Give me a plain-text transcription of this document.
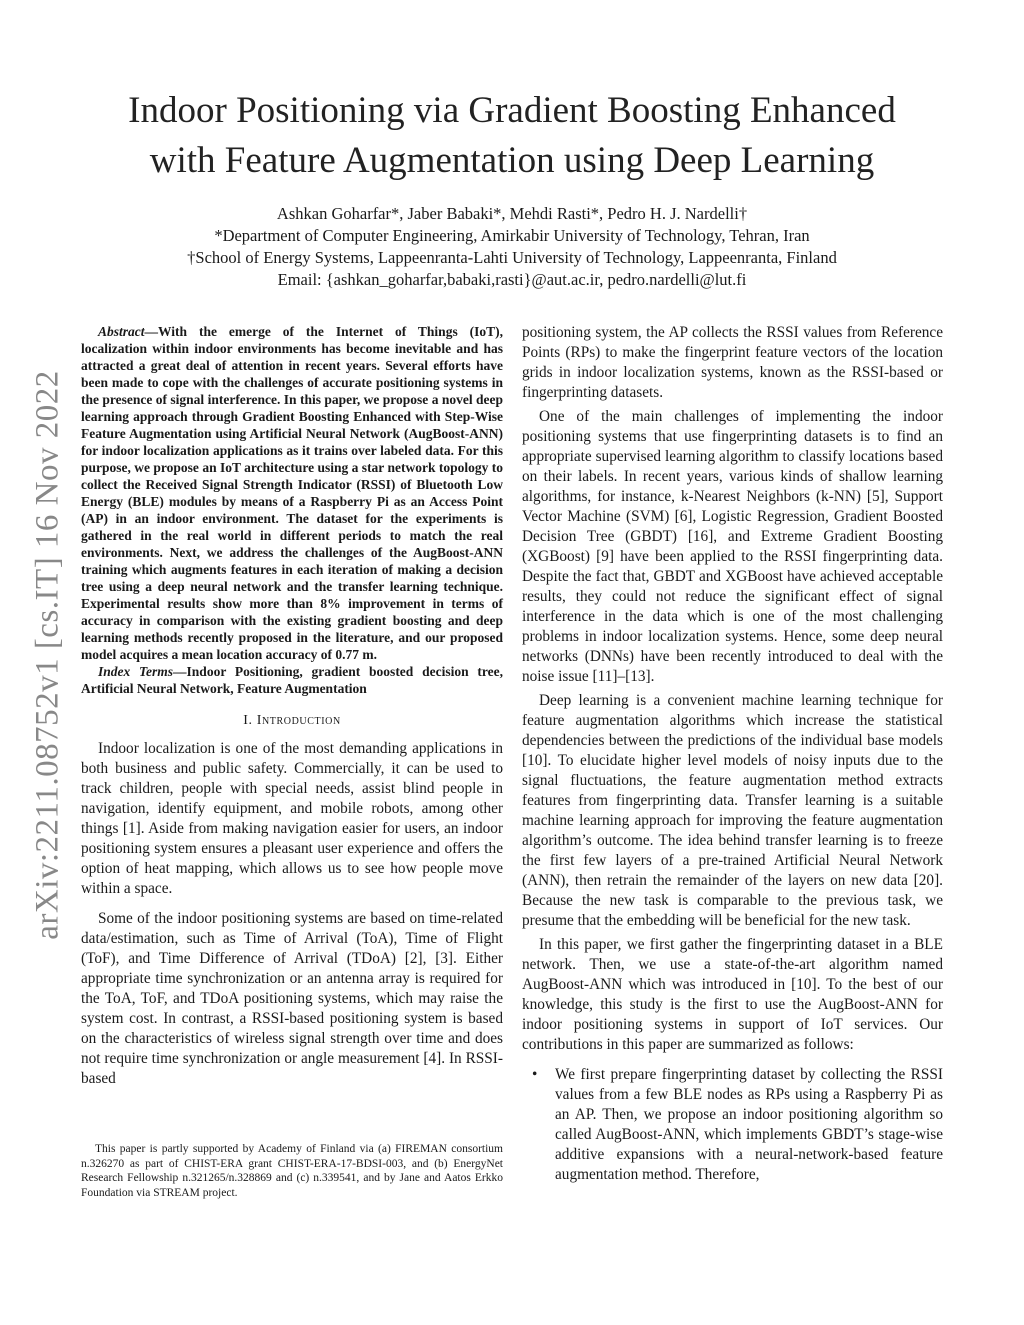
Indoor Positioning via Gradient Boosting Enhanced
with Feature Augmentation using Deep Learning
Ashkan Goharfar*, Jaber Babaki*, Mehdi Rasti*, Pedro H. J. Nardelli†
*Department of Computer Engineering, Amirkabir University of Technology, Tehran, Iran
†School of Energy Systems, Lappeenranta-Lahti University of Technology, Lappeenranta, Finland
Email: {ashkan_goharfar,babaki,rasti}@aut.ac.ir, pedro.nardelli@lut.fi
arXiv:2211.08752v1 [cs.IT] 16 Nov 2022

Abstract—With the emerge of the Internet of Things (IoT), localization within indoor environments has become inevitable and has attracted a great deal of attention in recent years. Several efforts have been made to cope with the challenges of accurate positioning systems in the presence of signal interference. In this paper, we propose a novel deep learning approach through Gradient Boosting Enhanced with Step-Wise Feature Augmentation using Artificial Neural Network (AugBoost-ANN) for indoor localization applications as it trains over labeled data. For this purpose, we propose an IoT architecture using a star network topology to collect the Received Signal Strength Indicator (RSSI) of Bluetooth Low Energy (BLE) modules by means of a Raspberry Pi as an Access Point (AP) in an indoor environment. The dataset for the experiments is gathered in the real world in different periods to match the real environments. Next, we address the challenges of the AugBoost-ANN training which augments features in each iteration of making a decision tree using a deep neural network and the transfer learning technique. Experimental results show more than 8% improvement in terms of accuracy in comparison with the existing gradient boosting and deep learning methods recently proposed in the literature, and our proposed model acquires a mean location accuracy of 0.77 m.

Index Terms—Indoor Positioning, gradient boosted decision tree, Artificial Neural Network, Feature Augmentation

I. Introduction

Indoor localization is one of the most demanding applications in both business and public safety. Commercially, it can be used to track children, people with special needs, assist blind people in navigation, identify equipment, and mobile robots, among other things [1]. Aside from making navigation easier for users, an indoor positioning system ensures a pleasant user experience and offers the option of heat mapping, which allows us to see how people move within a space.

Some of the indoor positioning systems are based on time-related data/estimation, such as Time of Arrival (ToA), Time of Flight (ToF), and Time Difference of Arrival (TDoA) [2], [3]. Either appropriate time synchronization or an antenna array is required for the ToA, ToF, and TDoA positioning systems, which may raise the system cost. In contrast, a RSSI-based positioning system is based on the characteristics of wireless signal strength over time and does not require time synchronization or angle measurement [4]. In RSSI-based

This paper is partly supported by Academy of Finland via (a) FIREMAN consortium n.326270 as part of CHIST-ERA grant CHIST-ERA-17-BDSI-003, and (b) EnergyNet Research Fellowship n.321265/n.328869 and (c) n.339541, and by Jane and Aatos Erkko Foundation via STREAM project.

positioning system, the AP collects the RSSI values from Reference Points (RPs) to make the fingerprint feature vectors of the location grids in indoor localization systems, known as the RSSI-based or fingerprinting datasets.

One of the main challenges of implementing the indoor positioning systems that use fingerprinting datasets is to find an appropriate supervised learning algorithm to classify locations based on their labels. In recent years, various kinds of shallow learning algorithms, for instance, k-Nearest Neighbors (k-NN) [5], Support Vector Machine (SVM) [6], Logistic Regression, Gradient Boosted Decision Tree (GBDT) [16], and Extreme Gradient Boosting (XGBoost) [9] have been applied to the RSSI fingerprinting data. Despite the fact that, GBDT and XGBoost have achieved acceptable results, they could not reduce the significant effect of signal interference in the data which is one of the most challenging problems in indoor localization systems. Hence, some deep neural networks (DNNs) have been recently introduced to deal with the noise issue [11]–[13].

Deep learning is a convenient machine learning technique for feature augmentation algorithms which increase the statistical dependencies between the predictions of the individual base models [10]. To elucidate higher level models of noisy inputs due to the signal fluctuations, the feature augmentation method extracts features from fingerprinting data. Transfer learning is a suitable machine learning approach for improving the feature augmentation algorithm’s outcome. The idea behind transfer learning is to freeze the first few layers of a pre-trained Artificial Neural Network (ANN), then retrain the remainder of the layers on new data [20]. Because the new task is comparable to the previous task, we presume that the embedding will be beneficial for the new task.

In this paper, we first gather the fingerprinting dataset in a BLE network. Then, we use a state-of-the-art algorithm named AugBoost-ANN which was introduced in [10]. To the best of our knowledge, this study is the first to use the AugBoost-ANN for indoor positioning systems in support of IoT services. Our contributions in this paper are summarized as follows:

• We first prepare fingerprinting dataset by collecting the RSSI values from a few BLE nodes as RPs using a Raspberry Pi as an AP. Then, we propose an indoor positioning algorithm so called AugBoost-ANN, which implements GBDT’s stage-wise additive expansions with a neural-network-based feature augmentation method. Therefore,
